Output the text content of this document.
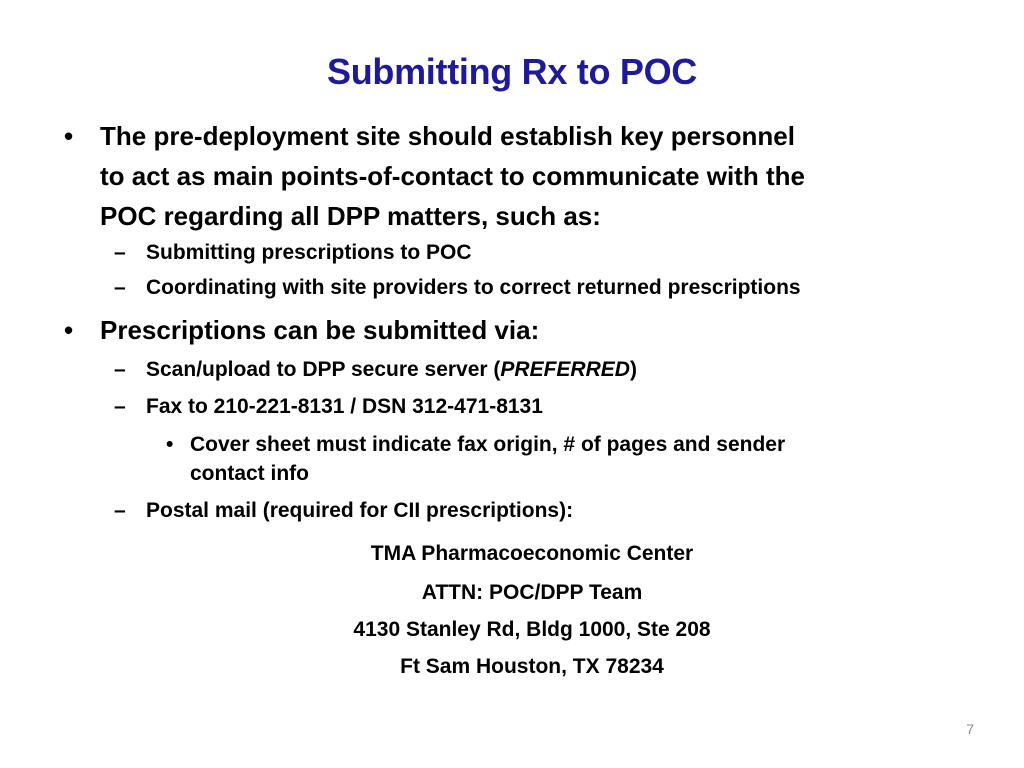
Submitting Rx to POC
• The pre-deployment site should establish key personnel
to act as main points-of-contact to communicate with the
POC regarding all DPP matters, such as:
– Submitting prescriptions to POC
– Coordinating with site providers to correct returned prescriptions
• Prescriptions can be submitted via:
– Scan/upload to DPP secure server (PREFERRED)
– Fax to 210-221-8131 / DSN 312-471-8131
• Cover sheet must indicate fax origin, # of pages and sender
contact info
– Postal mail (required for CII prescriptions):
TMA Pharmacoeconomic Center
ATTN: POC/DPP Team
4130 Stanley Rd, Bldg 1000, Ste 208
Ft Sam Houston, TX 78234
7
